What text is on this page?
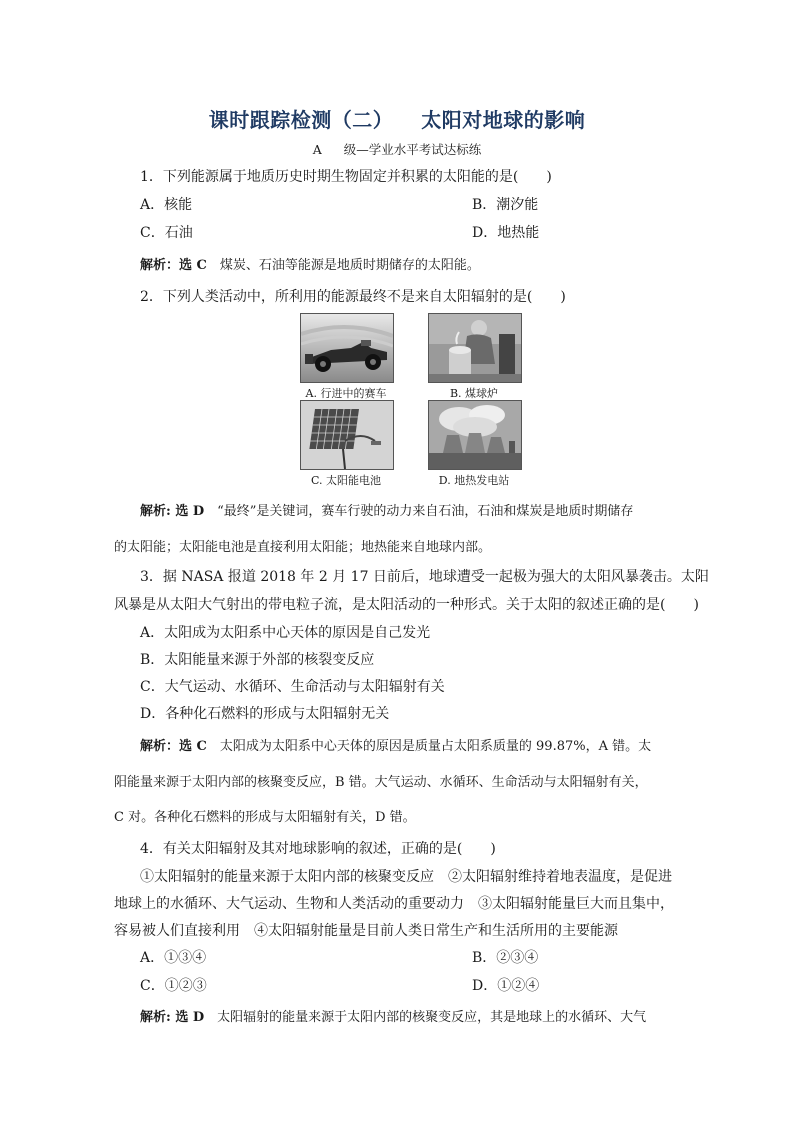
课时跟踪检测（二） 太阳对地球的影响
A 级—学业水平考试达标练
1．下列能源属于地质历史时期生物固定并积累的太阳能的是(　　)
A．核能	B．潮汐能
C．石油	D．地热能
解析：选 C　 煤炭、石油等能源是地质时期储存的太阳能。
2．下列人类活动中，所利用的能源最终不是来自太阳辐射的是(　　)
A. 行进中的赛车	B. 煤球炉
C. 太阳能电池	D. 地热发电站
解析: 选 D　 “最终”是关键词，赛车行驶的动力来自石油，石油和煤炭是地质时期储存
的太阳能；太阳能电池是直接利用太阳能；地热能来自地球内部。
3．据 NASA 报道 2018 年 2 月 17 日前后，地球遭受一起极为强大的太阳风暴袭击。太阳
风暴是从太阳大气射出的带电粒子流，是太阳活动的一种形式。关于太阳的叙述正确的是(　　)
A．太阳成为太阳系中心天体的原因是自己发光
B．太阳能量来源于外部的核裂变反应
C．大气运动、水循环、生命活动与太阳辐射有关
D．各种化石燃料的形成与太阳辐射无关
解析：选 C　 太阳成为太阳系中心天体的原因是质量占太阳系质量的 99.87%，A 错。太
阳能量来源于太阳内部的核聚变反应，B 错。大气运动、水循环、生命活动与太阳辐射有关，
C 对。各种化石燃料的形成与太阳辐射有关，D 错。
4．有关太阳辐射及其对地球影响的叙述，正确的是(　　)
①太阳辐射的能量来源于太阳内部的核聚变反应　②太阳辐射维持着地表温度，是促进
地球上的水循环、大气运动、生物和人类活动的重要动力　③太阳辐射能量巨大而且集中，
容易被人们直接利用　④太阳辐射能量是目前人类日常生产和生活所用的主要能源
A．①③④	B．②③④
C．①②③	D．①②④
解析: 选 D　 太阳辐射的能量来源于太阳内部的核聚变反应，其是地球上的水循环、大气
